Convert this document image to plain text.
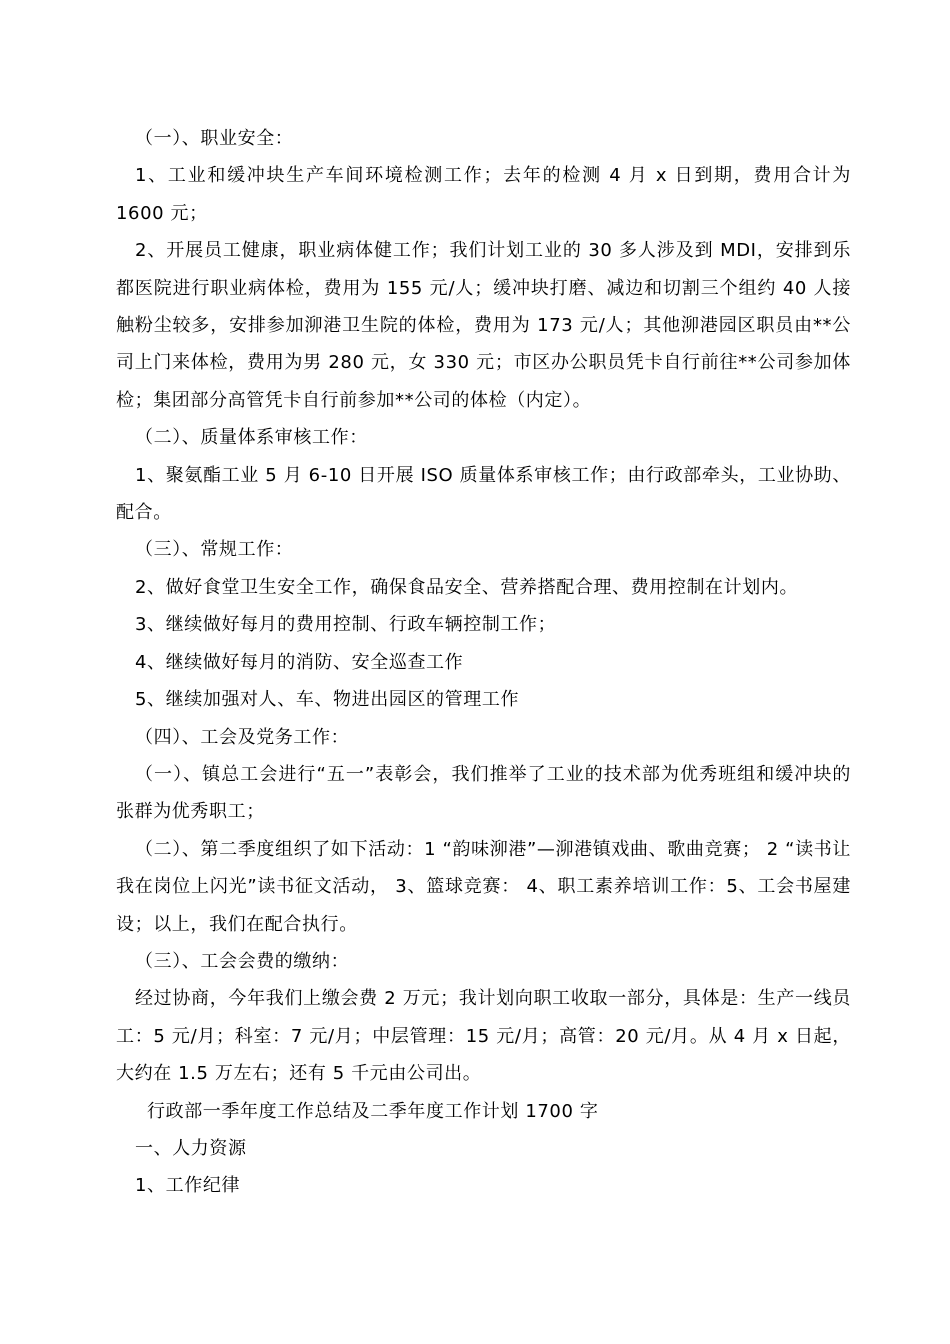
（一）、职业安全：

1、工业和缓冲块生产车间环境检测工作；去年的检测 4 月 x 日到期，费用合计为 1600 元；

2、开展员工健康，职业病体健工作；我们计划工业的 30 多人涉及到 MDI，安排到乐都医院进行职业病体检，费用为 155 元/人；缓冲块打磨、减边和切割三个组约 40 人接触粉尘较多，安排参加泖港卫生院的体检，费用为 173 元/人；其他泖港园区职员由**公司上门来体检，费用为男 280 元，女 330 元；市区办公职员凭卡自行前往**公司参加体检；集团部分高管凭卡自行前参加**公司的体检（内定）。

（二）、质量体系审核工作：

1、聚氨酯工业 5 月 6-10 日开展 ISO 质量体系审核工作；由行政部牵头，工业协助、配合。

（三）、常规工作：

2、做好食堂卫生安全工作，确保食品安全、营养搭配合理、费用控制在计划内。

3、继续做好每月的费用控制、行政车辆控制工作；

4、继续做好每月的消防、安全巡查工作

5、继续加强对人、车、物进出园区的管理工作

（四）、工会及党务工作：

（一）、镇总工会进行“五一”表彰会，我们推举了工业的技术部为优秀班组和缓冲块的张群为优秀职工；

（二）、第二季度组织了如下活动：1 “韵味泖港”—泖港镇戏曲、歌曲竞赛； 2 “读书让我在岗位上闪光”读书征文活动， 3、篮球竞赛： 4、职工素养培训工作：5、工会书屋建设；以上，我们在配合执行。

（三）、工会会费的缴纳：

经过协商，今年我们上缴会费 2 万元；我计划向职工收取一部分，具体是：生产一线员工：5 元/月；科室：7 元/月；中层管理：15 元/月；高管：20 元/月。从 4 月 x 日起，大约在 1.5 万左右；还有 5 千元由公司出。

行政部一季年度工作总结及二季年度工作计划 1700 字

一、人力资源

1、工作纪律
